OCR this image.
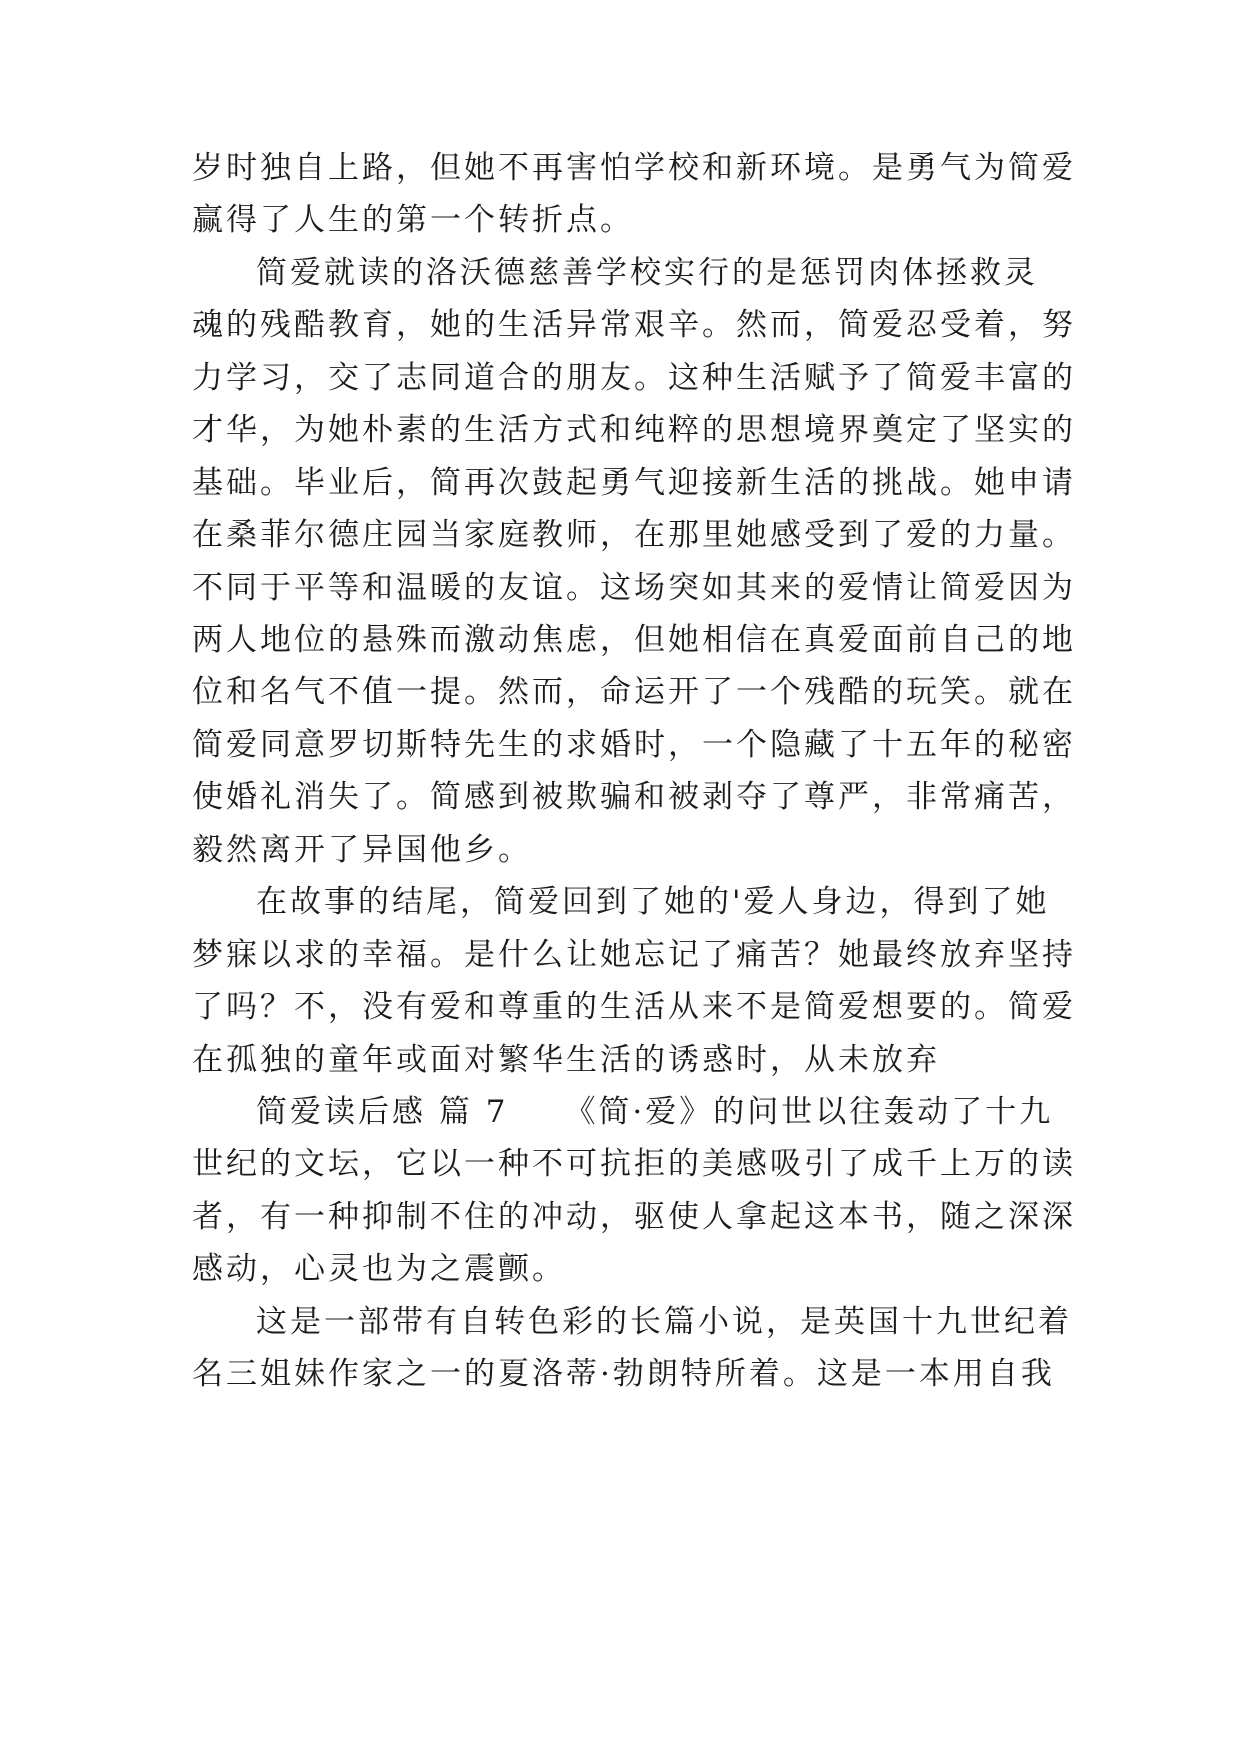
岁时独自上路，但她不再害怕学校和新环境。是勇气为简爱
赢得了人生的第一个转折点。
简爱就读的洛沃德慈善学校实行的是惩罚肉体拯救灵
魂的残酷教育，她的生活异常艰辛。然而，简爱忍受着，努
力学习，交了志同道合的朋友。这种生活赋予了简爱丰富的
才华，为她朴素的生活方式和纯粹的思想境界奠定了坚实的
基础。毕业后，简再次鼓起勇气迎接新生活的挑战。她申请
在桑菲尔德庄园当家庭教师，在那里她感受到了爱的力量。
不同于平等和温暖的友谊。这场突如其来的爱情让简爱因为
两人地位的悬殊而激动焦虑，但她相信在真爱面前自己的地
位和名气不值一提。然而，命运开了一个残酷的玩笑。就在
简爱同意罗切斯特先生的求婚时，一个隐藏了十五年的秘密
使婚礼消失了。简感到被欺骗和被剥夺了尊严，非常痛苦，
毅然离开了异国他乡。
在故事的结尾，简爱回到了她的'爱人身边，得到了她
梦寐以求的幸福。是什么让她忘记了痛苦？她最终放弃坚持
了吗？不，没有爱和尊重的生活从来不是简爱想要的。简爱
在孤独的童年或面对繁华生活的诱惑时，从未放弃
简爱读后感 篇 7 《简·爱》的问世以往轰动了十九
世纪的文坛，它以一种不可抗拒的美感吸引了成千上万的读
者，有一种抑制不住的冲动，驱使人拿起这本书，随之深深
感动，心灵也为之震颤。
这是一部带有自转色彩的长篇小说，是英国十九世纪着
名三姐妹作家之一的夏洛蒂·勃朗特所着。这是一本用自我
